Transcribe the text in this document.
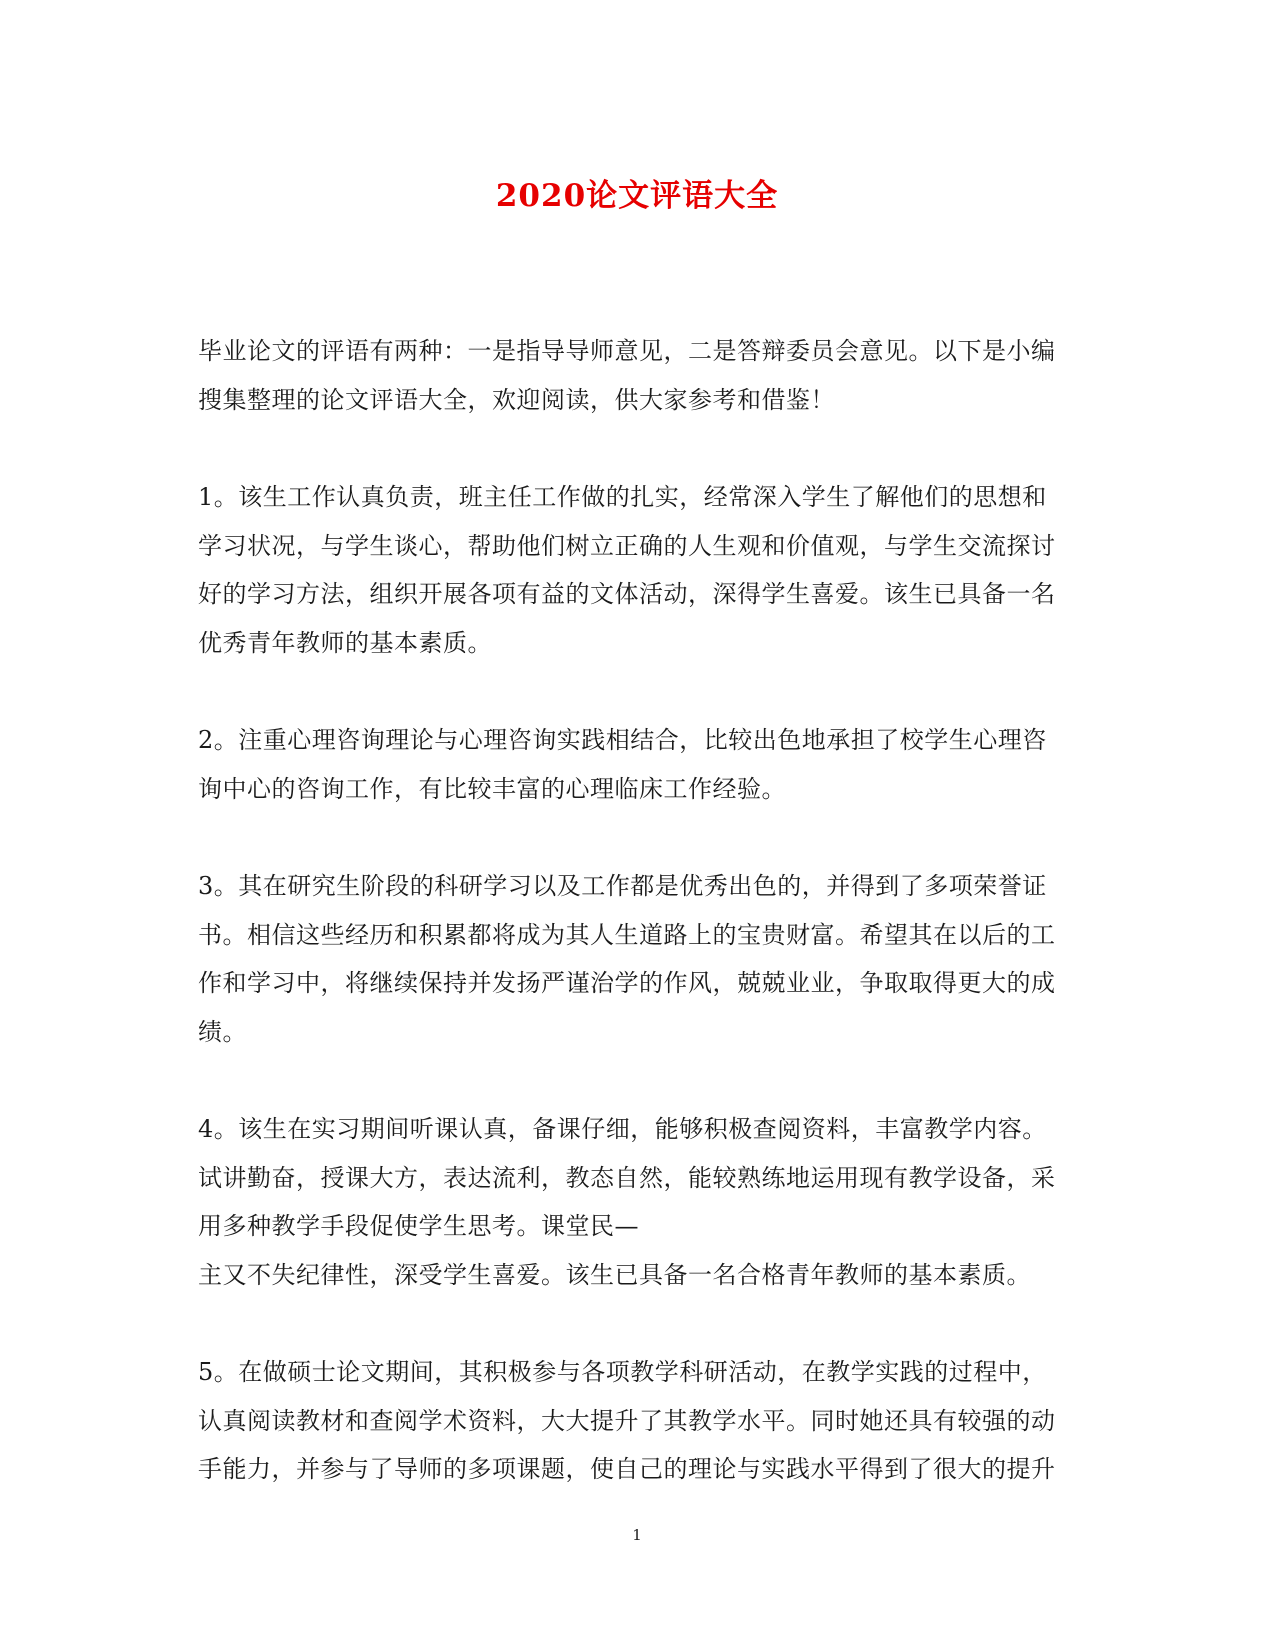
2020论文评语大全

毕业论文的评语有两种：一是指导导师意见，二是答辩委员会意见。以下是小编
搜集整理的论文评语大全，欢迎阅读，供大家参考和借鉴！

1。该生工作认真负责，班主任工作做的扎实，经常深入学生了解他们的思想和
学习状况，与学生谈心，帮助他们树立正确的人生观和价值观，与学生交流探讨
好的学习方法，组织开展各项有益的文体活动，深得学生喜爱。该生已具备一名
优秀青年教师的基本素质。

2。注重心理咨询理论与心理咨询实践相结合，比较出色地承担了校学生心理咨
询中心的咨询工作，有比较丰富的心理临床工作经验。

3。其在研究生阶段的科研学习以及工作都是优秀出色的，并得到了多项荣誉证
书。相信这些经历和积累都将成为其人生道路上的宝贵财富。希望其在以后的工
作和学习中，将继续保持并发扬严谨治学的作风，兢兢业业，争取取得更大的成
绩。

4。该生在实习期间听课认真，备课仔细，能够积极查阅资料，丰富教学内容。
试讲勤奋，授课大方，表达流利，教态自然，能较熟练地运用现有教学设备，采
用多种教学手段促使学生思考。课堂民—
主又不失纪律性，深受学生喜爱。该生已具备一名合格青年教师的基本素质。

5。在做硕士论文期间，其积极参与各项教学科研活动，在教学实践的过程中，
认真阅读教材和查阅学术资料，大大提升了其教学水平。同时她还具有较强的动
手能力，并参与了导师的多项课题，使自己的理论与实践水平得到了很大的提升

1
